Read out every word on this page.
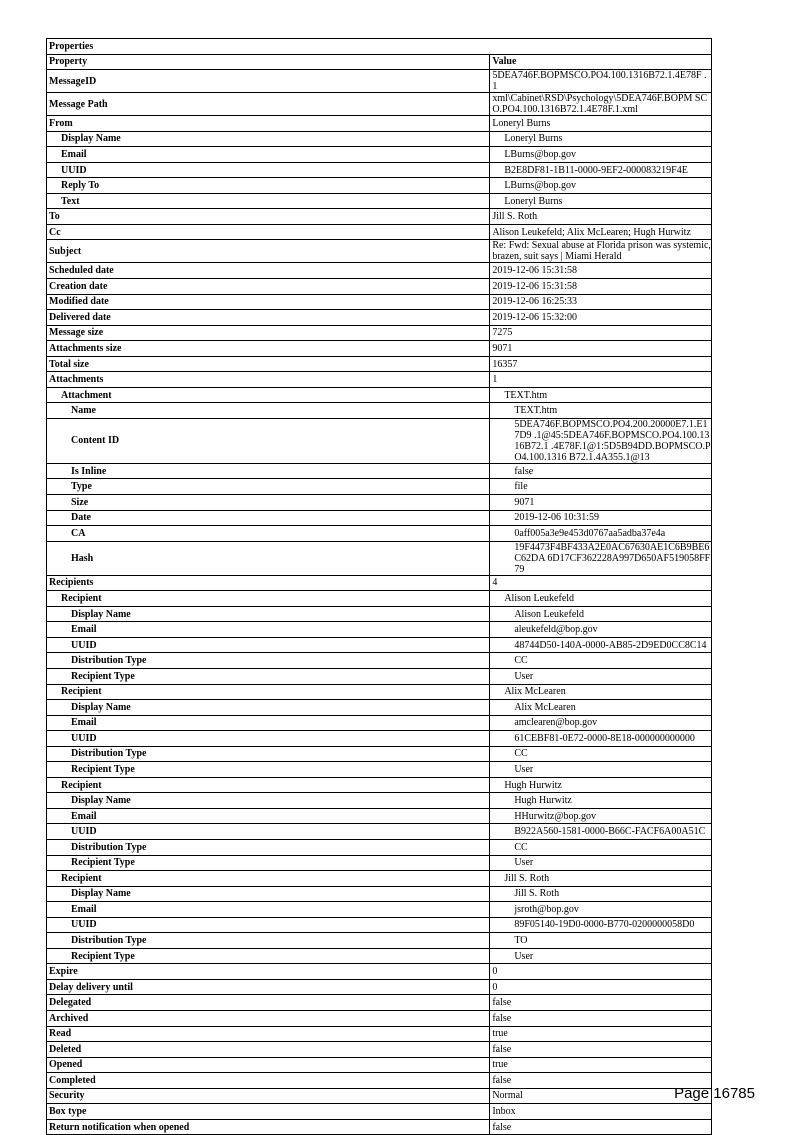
Properties	
Property	Value
MessageID	5DEA746F.BOPMSCO.PO4.100.1316B72.1.4E78F .1
Message Path	xml\Cabinet\RSD\Psychology\5DEA746F.BOPM SCO.PO4.100.1316B72.1.4E78F.1.xml
From	Loneryl Burns
Display Name	Loneryl Burns
Email	LBurns@bop.gov
UUID	B2E8DF81-1B11-0000-9EF2-000083219F4E
Reply To	LBurns@bop.gov
Text	Loneryl Burns
To	Jill S. Roth
Cc	Alison Leukefeld; Alix McLearen; Hugh Hurwitz
Subject	Re: Fwd: Sexual abuse at Florida prison was systemic, brazen, suit says | Miami Herald
Scheduled date	2019-12-06 15:31:58
Creation date	2019-12-06 15:31:58
Modified date	2019-12-06 16:25:33
Delivered date	2019-12-06 15:32:00
Message size	7275
Attachments size	9071
Total size	16357
Attachments	1
Attachment	TEXT.htm
Name	TEXT.htm
Content ID	5DEA746F.BOPMSCO.PO4.200.20000E7.1.E17D9 .1@45:5DEA746F.BOPMSCO.PO4.100.1316B72.1 .4E78F.1@1:5D5B94DD.BOPMSCO.PO4.100.1316 B72.1.4A355.1@13
Is Inline	false
Type	file
Size	9071
Date	2019-12-06 10:31:59
CA	0aff005a3e9e453d0767aa5adba37e4a
Hash	19F4473F4BF433A2E0AC67630AE1C6B9BE6C62DA 6D17CF362228A997D650AF519058FF79
Recipients	4
Recipient	Alison Leukefeld
Display Name	Alison Leukefeld
Email	aleukefeld@bop.gov
UUID	48744D50-140A-0000-AB85-2D9ED0CC8C14
Distribution Type	CC
Recipient Type	User
Recipient	Alix McLearen
Display Name	Alix McLearen
Email	amclearen@bop.gov
UUID	61CEBF81-0E72-0000-8E18-000000000000
Distribution Type	CC
Recipient Type	User
Recipient	Hugh Hurwitz
Display Name	Hugh Hurwitz
Email	HHurwitz@bop.gov
UUID	B922A560-1581-0000-B66C-FACF6A00A51C
Distribution Type	CC
Recipient Type	User
Recipient	Jill S. Roth
Display Name	Jill S. Roth
Email	jsroth@bop.gov
UUID	89F05140-19D0-0000-B770-0200000058D0
Distribution Type	TO
Recipient Type	User
Expire	0
Delay delivery until	0
Delegated	false
Archived	false
Read	true
Deleted	false
Opened	true
Completed	false
Security	Normal
Box type	Inbox
Return notification when opened	false
Page 16785
